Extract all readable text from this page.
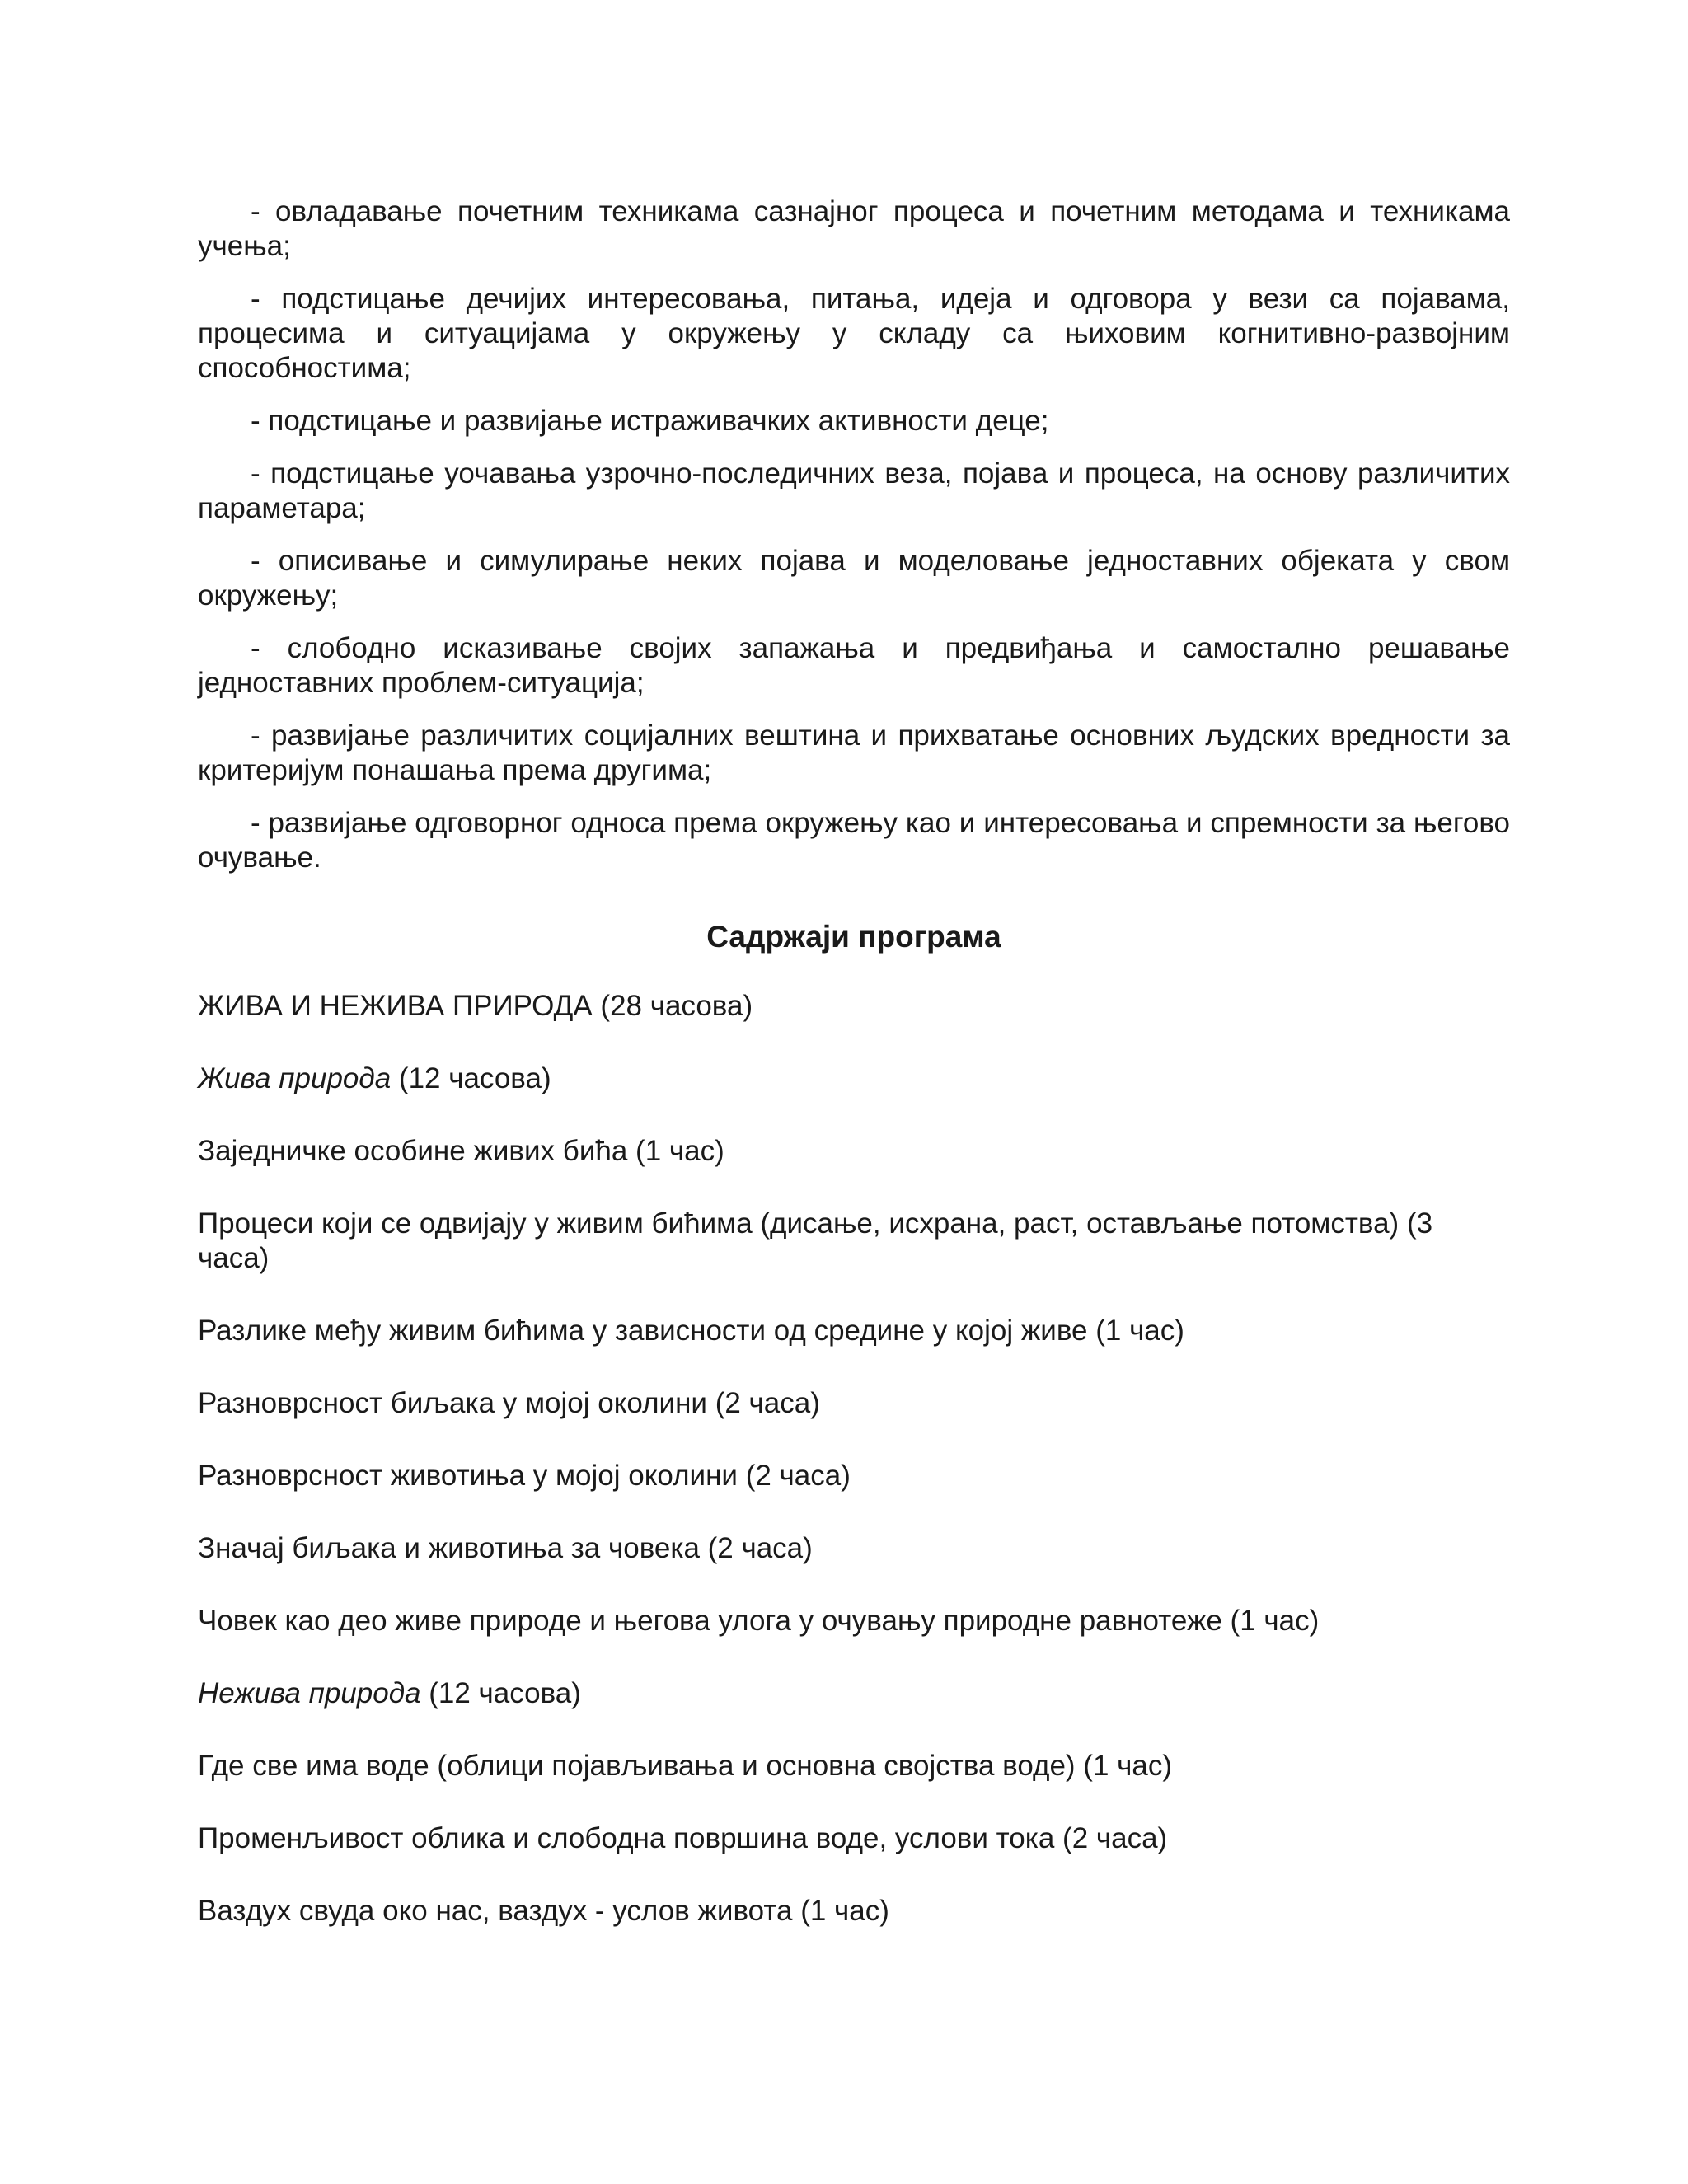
- овладавање почетним техникама сазнајног процеса и почетним методама и техникама учења;

- подстицање дечијих интересовања, питања, идеја и одговора у вези са појавама, процесима и ситуацијама у окружењу у складу са њиховим когнитивно-развојним способностима;

- подстицање и развијање истраживачких активности деце;

- подстицање уочавања узрочно-последичних веза, појава и процеса, на основу различитих параметара;

- описивање и симулирање неких појава и моделовање једноставних објеката у свом окружењу;

- слободно исказивање својих запажања и предвиђања и самостално решавање једноставних проблем-ситуација;

- развијање различитих социјалних вештина и прихватање основних људских вредности за критеријум понашања према другима;

- развијање одговорног односа према окружењу као и интересовања и спремности за његово очување.

Садржаји програма

ЖИВА И НЕЖИВА ПРИРОДА (28 часова)

Жива природа (12 часова)

Заједничке особине живих бића (1 час)

Процеси који се одвијају у живим бићима (дисање, исхрана, раст, остављање потомства) (3 часа)

Разлике међу живим бићима у зависности од средине у којој живе (1 час)

Разноврсност биљака у мојој околини (2 часа)

Разноврсност животиња у мојој околини (2 часа)

Значај биљака и животиња за човека (2 часа)

Човек као део живе природе и његова улога у очувању природне равнотеже (1 час)

Нежива природа (12 часова)

Где све има воде (облици појављивања и основна својства воде) (1 час)

Променљивост облика и слободна површина воде, услови тока (2 часа)

Ваздух свуда око нас, ваздух - услов живота (1 час)
